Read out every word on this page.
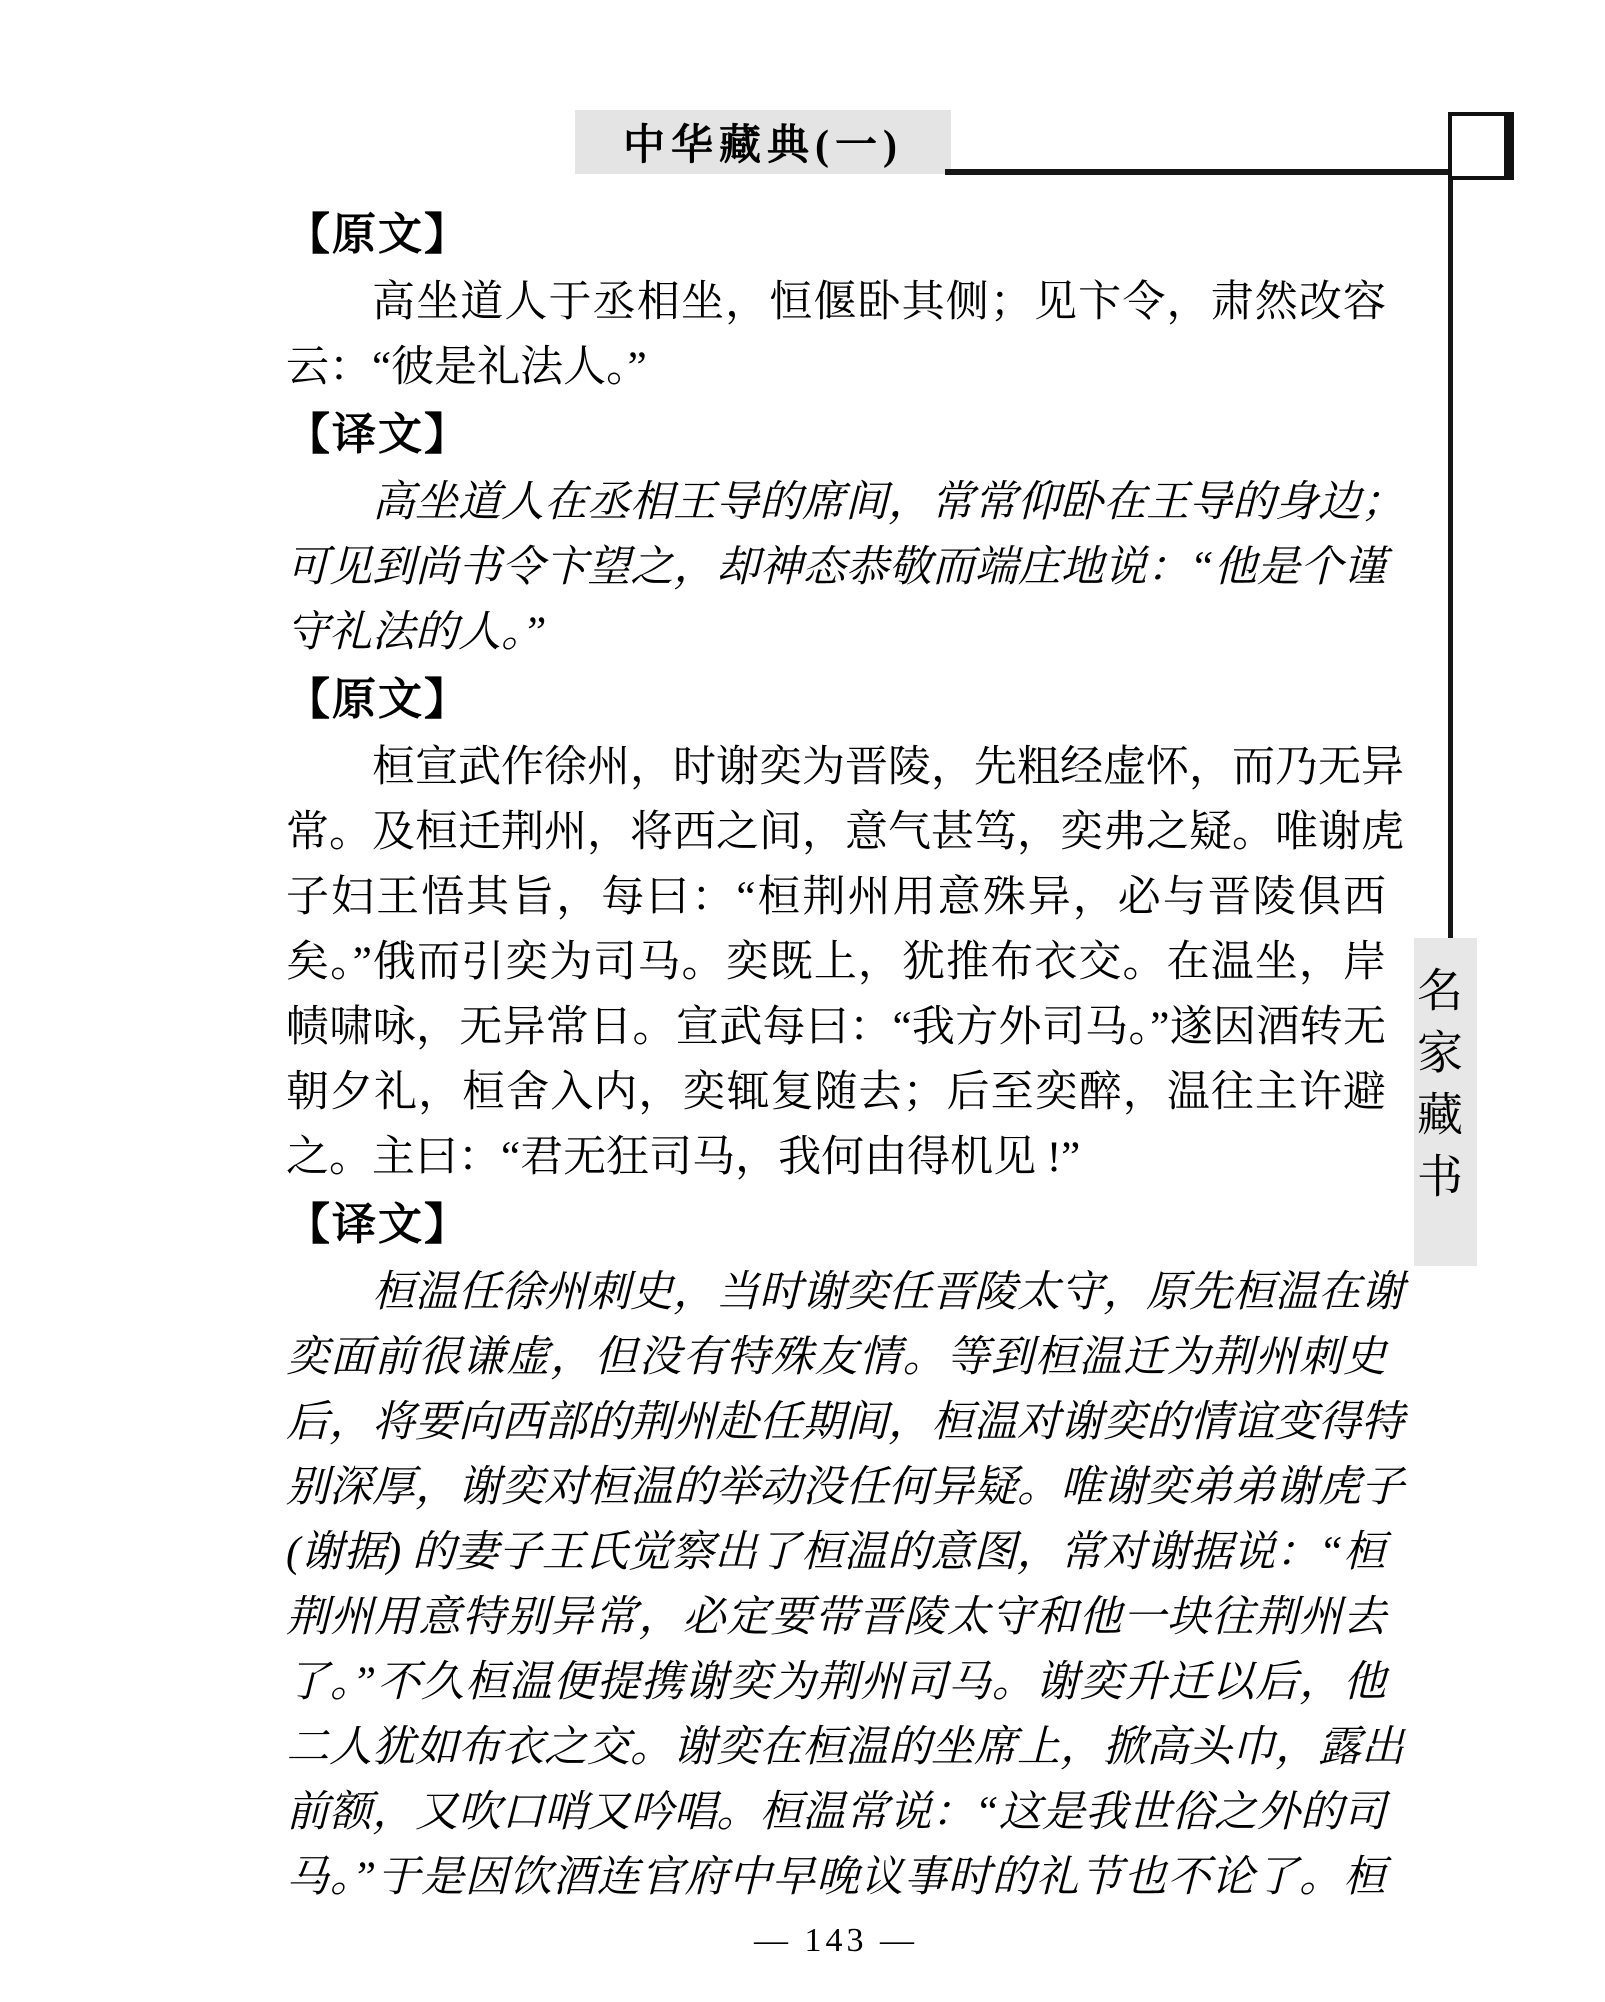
中华藏典(一)
名家藏书
【原文】
高坐道人于丞相坐，恒偃卧其侧；见卞令，肃然改容
云：“彼是礼法人。”
【译文】
高坐道人在丞相王导的席间，常常仰卧在王导的身边；
可见到尚书令卞望之，却神态恭敬而端庄地说：“他是个谨
守礼法的人。”
【原文】
桓宣武作徐州，时谢奕为晋陵，先粗经虚怀，而乃无异
常。及桓迁荆州，将西之间，意气甚笃，奕弗之疑。唯谢虎
子妇王悟其旨，每曰：“桓荆州用意殊异，必与晋陵俱西
矣。”俄而引奕为司马。奕既上，犹推布衣交。在温坐，岸
帻啸咏，无异常日。宣武每曰：“我方外司马。”遂因酒转无
朝夕礼，桓舍入内，奕辄复随去；后至奕醉，温往主许避
之。主曰：“君无狂司马，我何由得机见 !”
【译文】
桓温任徐州刺史，当时谢奕任晋陵太守，原先桓温在谢
奕面前很谦虚，但没有特殊友情。等到桓温迁为荆州刺史
后，将要向西部的荆州赴任期间，桓温对谢奕的情谊变得特
别深厚，谢奕对桓温的举动没任何异疑。唯谢奕弟弟谢虎子
(谢据) 的妻子王氏觉察出了桓温的意图，常对谢据说：“桓
荆州用意特别异常，必定要带晋陵太守和他一块往荆州去
了。”不久桓温便提携谢奕为荆州司马。谢奕升迁以后，他
二人犹如布衣之交。谢奕在桓温的坐席上，掀高头巾，露出
前额，又吹口哨又吟唱。桓温常说：“这是我世俗之外的司
马。”于是因饮酒连官府中早晚议事时的礼节也不论了。桓
— 143 —
